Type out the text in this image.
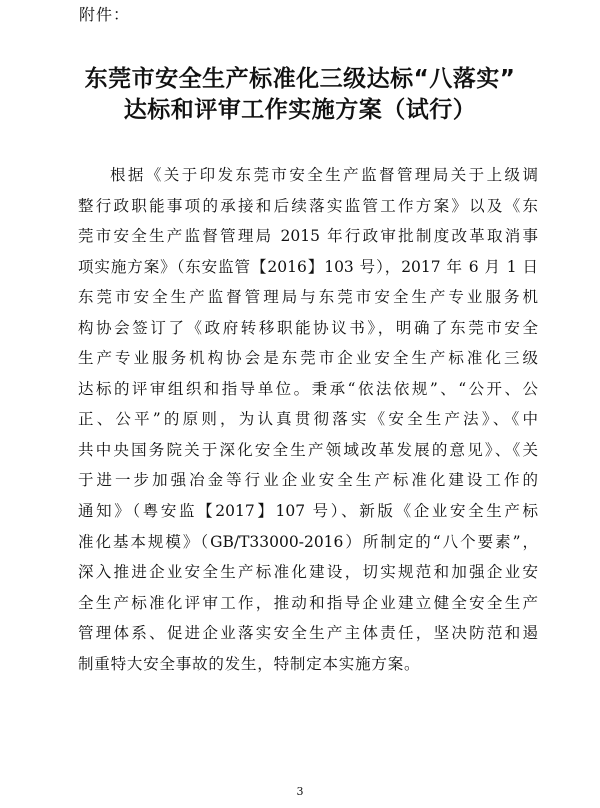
附件：
东莞市安全生产标准化三级达标“八落实”
达标和评审工作实施方案（试行）
根据《关于印发东莞市安全生产监督管理局关于上级调
整行政职能事项的承接和后续落实监管工作方案》以及《东
莞市安全生产监督管理局 2015 年行政审批制度改革取消事
项实施方案》（东安监管【2016】103 号），2017 年 6 月 1 日
东莞市安全生产监督管理局与东莞市安全生产专业服务机
构协会签订了《政府转移职能协议书》，明确了东莞市安全
生产专业服务机构协会是东莞市企业安全生产标准化三级
达标的评审组织和指导单位。秉承“依法依规”、“公开、公
正、公平”的原则，为认真贯彻落实《安全生产法》、《中
共中央国务院关于深化安全生产领域改革发展的意见》、《关
于进一步加强冶金等行业企业安全生产标准化建设工作的
通知》（粤安监【2017】107 号）、新版《企业安全生产标
准化基本规模》（GB/T33000-2016）所制定的“八个要素”，
深入推进企业安全生产标准化建设，切实规范和加强企业安
全生产标准化评审工作，推动和指导企业建立健全安全生产
管理体系、促进企业落实安全生产主体责任，坚决防范和遏
制重特大安全事故的发生，特制定本实施方案。
3
